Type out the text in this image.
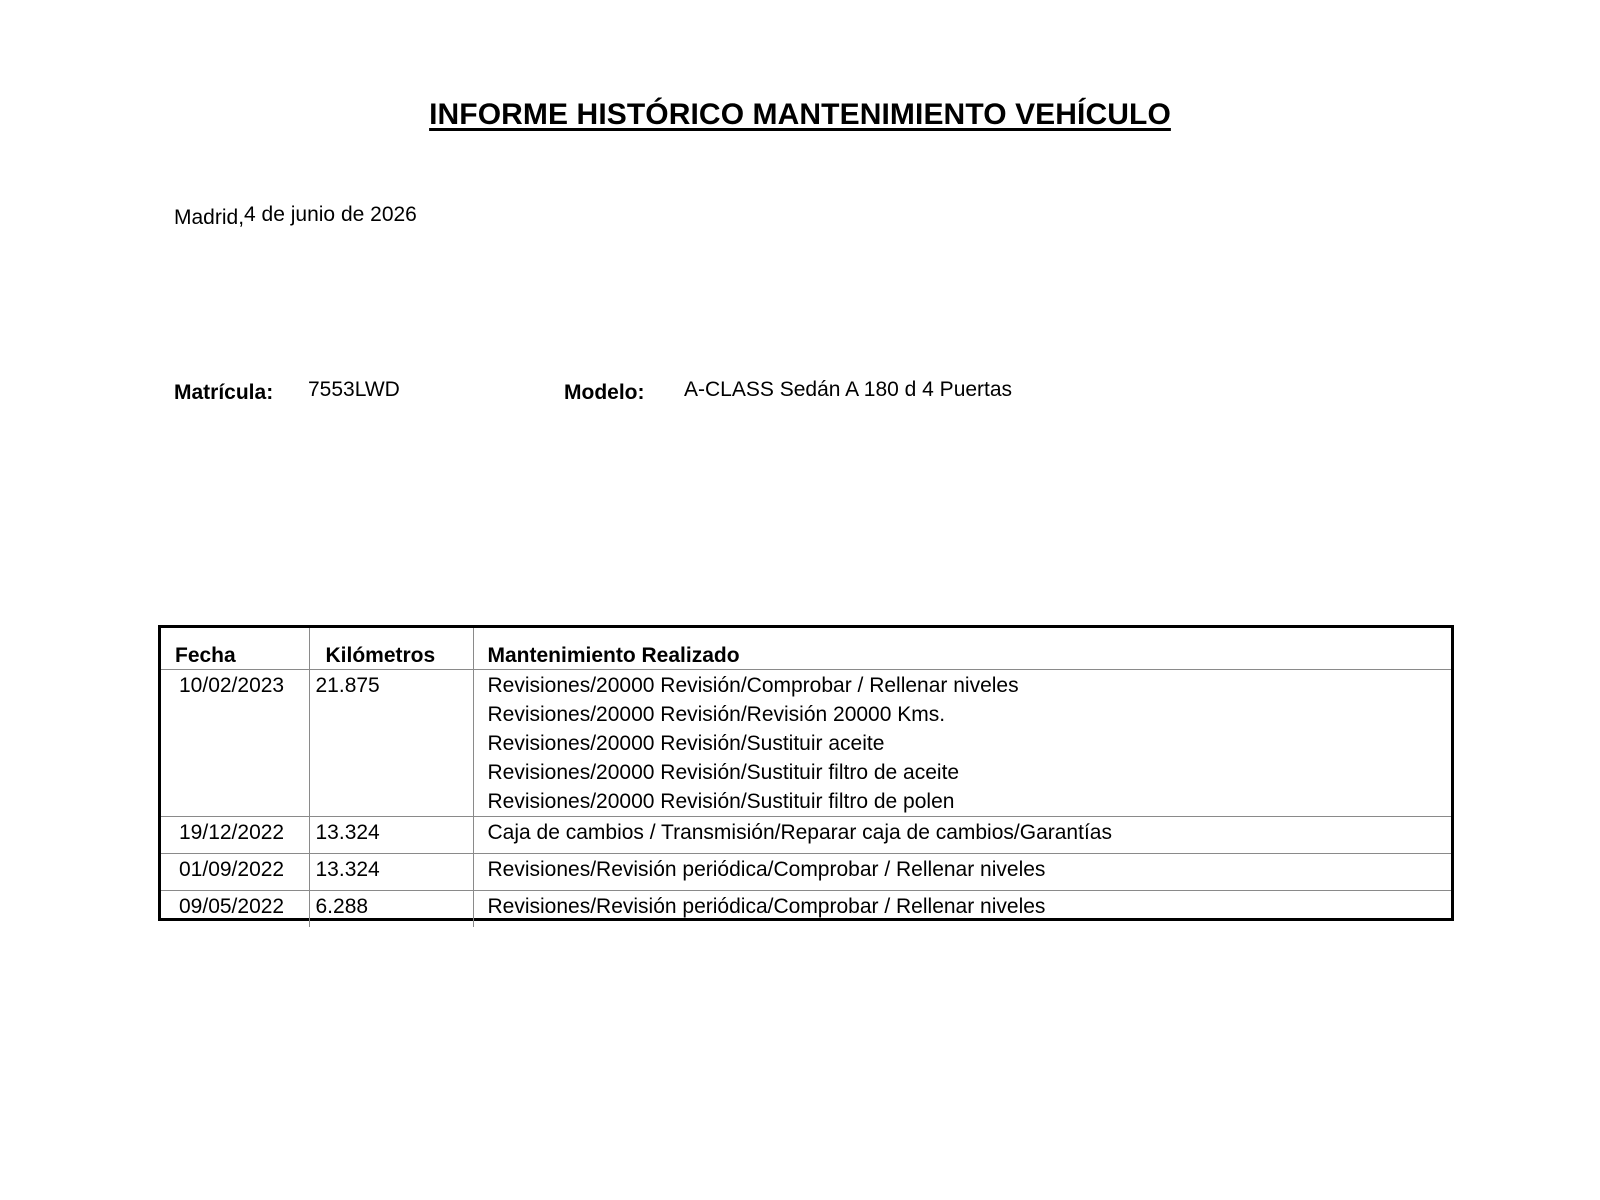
INFORME HISTÓRICO MANTENIMIENTO VEHÍCULO
Madrid,4 de junio de 2026
Matrícula: 7553LWD	Modelo: A-CLASS Sedán A 180 d 4 Puertas
Fecha	Kilómetros	Mantenimiento Realizado
10/02/2023	21.875	Revisiones/20000 Revisión/Comprobar / Rellenar niveles
Revisiones/20000 Revisión/Revisión 20000 Kms.
Revisiones/20000 Revisión/Sustituir aceite
Revisiones/20000 Revisión/Sustituir filtro de aceite
Revisiones/20000 Revisión/Sustituir filtro de polen

19/12/2022	13.324	Caja de cambios / Transmisión/Reparar caja de cambios/Garantías

01/09/2022	13.324	Revisiones/Revisión periódica/Comprobar / Rellenar niveles

09/05/2022	6.288	Revisiones/Revisión periódica/Comprobar / Rellenar niveles
